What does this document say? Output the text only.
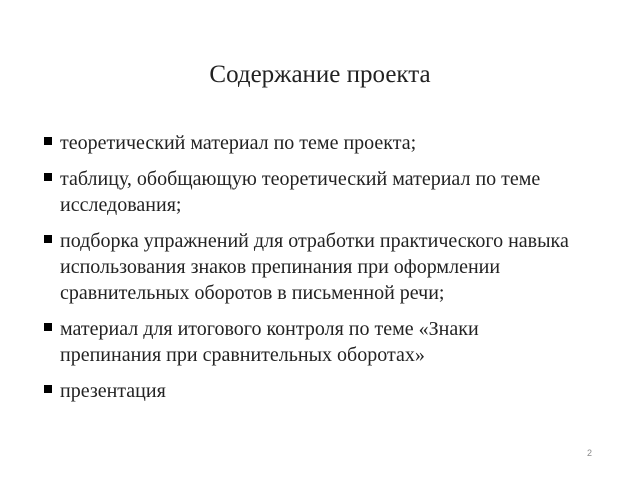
Содержание проекта
теоретический материал по теме проекта;
таблицу, обобщающую теоретический материал по теме исследования;
подборка упражнений для отработки практического навыка использования знаков препинания при оформлении сравнительных оборотов в письменной речи;
материал для итогового контроля по теме «Знаки препинания при сравнительных оборотах»
презентация
2
